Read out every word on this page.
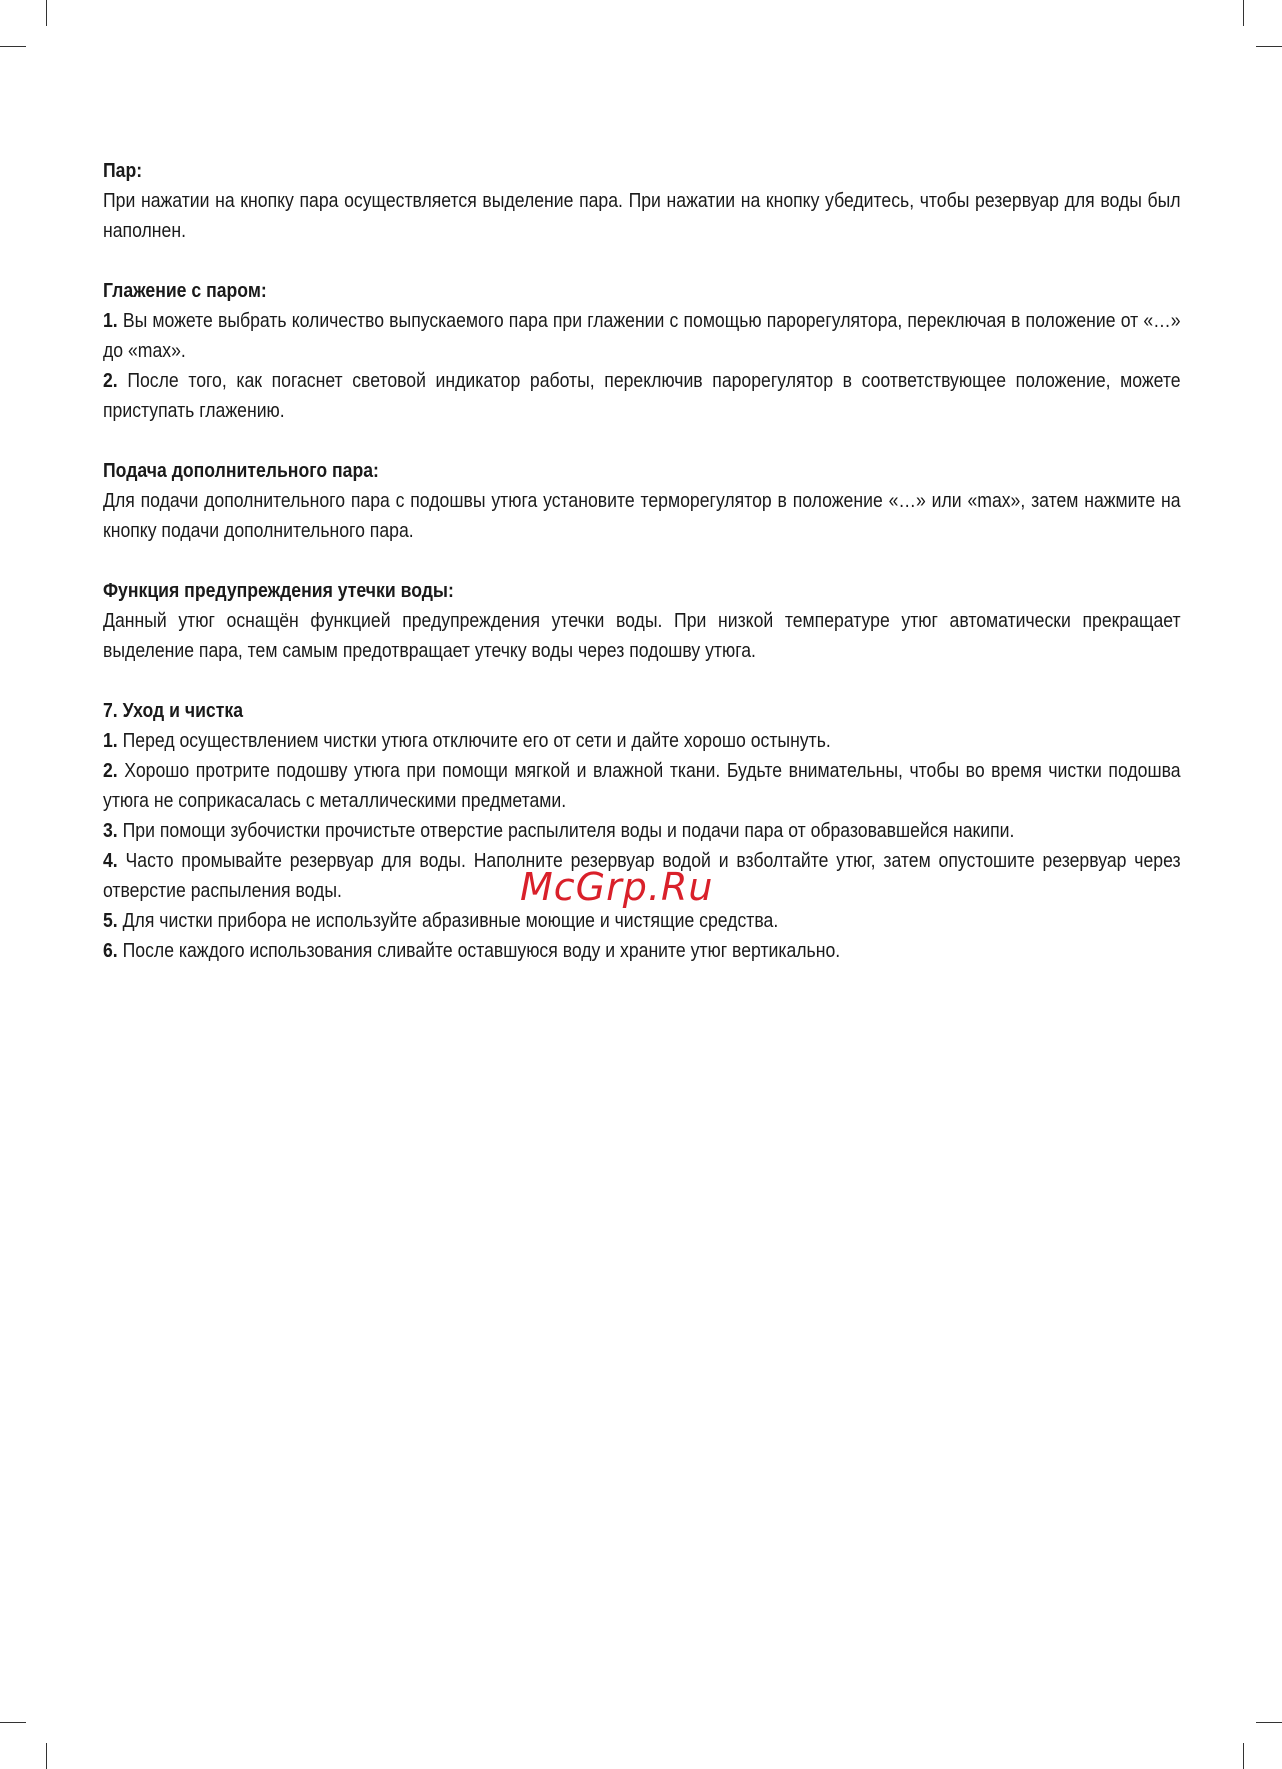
Пар:
При нажатии на кнопку пара осуществляется выделение пара. При нажатии на кнопку убедитесь, чтобы резервуар для воды был наполнен.
Глажение с паром:
1. Вы можете выбрать количество выпускаемого пара при глажении с помощью парорегулятора, переключая в положение от «…» до «max».
2. После того, как погаснет световой индикатор работы, переключив парорегулятор в соответствующее положение, можете приступать глажению.
Подача дополнительного пара:
Для подачи дополнительного пара с подошвы утюга установите терморегулятор в положение «…» или «max», затем нажмите на кнопку подачи дополнительного пара.
Функция предупреждения утечки воды:
Данный утюг оснащён функцией предупреждения утечки воды. При низкой температуре утюг автоматически прекращает выделение пара, тем самым предотвращает утечку воды через подошву утюга.
7. Уход и чистка
1. Перед осуществлением чистки утюга отключите его от сети и дайте хорошо остынуть.
2. Хорошо протрите подошву утюга при помощи мягкой и влажной ткани. Будьте внимательны, чтобы во время чистки подошва утюга не соприкасалась с металлическими предметами.
3. При помощи зубочистки прочистьте отверстие распылителя воды и подачи пара от образовавшейся накипи.
4. Часто промывайте резервуар для воды. Наполните резервуар водой и взболтайте утюг, затем опустошите резервуар через отверстие распыления воды.
5. Для чистки прибора не используйте абразивные моющие и чистящие средства.
6. После каждого использования сливайте оставшуюся воду и храните утюг вертикально.
McGrp.Ru
